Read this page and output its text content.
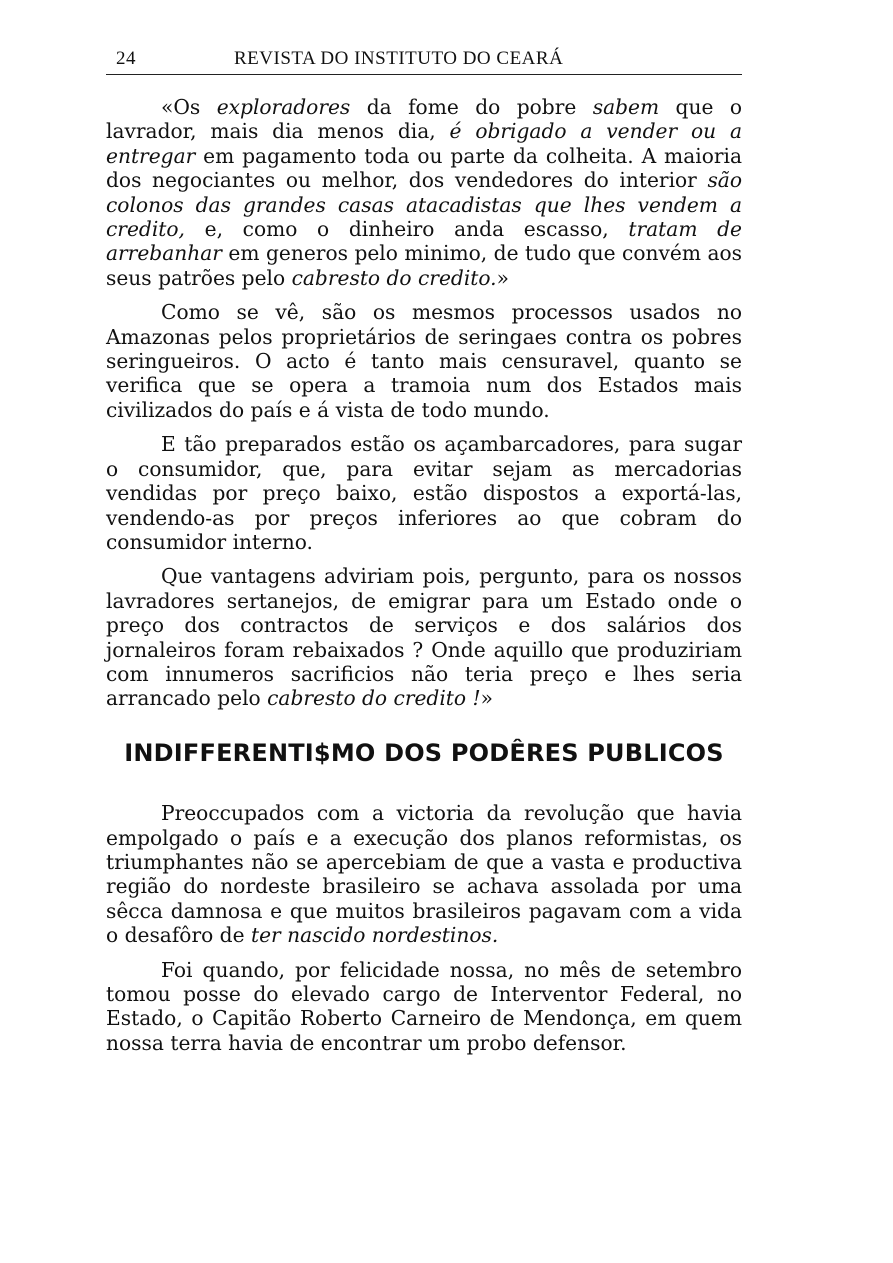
24	REVISTA DO INSTITUTO DO CEARÁ

«Os exploradores da fome do pobre sabem que o lavrador, mais dia menos dia, é obrigado a vender ou a entregar em pagamento toda ou parte da colheita. A maioria dos negociantes ou melhor, dos vendedores do interior são colonos das grandes casas atacadistas que lhes vendem a credito, e, como o dinheiro anda escasso, tratam de arrebanhar em generos pelo minimo, de tudo que convém aos seus patrões pelo cabresto do credito.»

Como se vê, são os mesmos processos usados no Amazonas pelos proprietários de seringaes contra os pobres seringueiros. O acto é tanto mais censuravel, quanto se verifica que se opera a tramoia num dos Estados mais civilizados do país e á vista de todo mundo.

E tão preparados estão os açambarcadores, para sugar o consumidor, que, para evitar sejam as mercadorias vendidas por preço baixo, estão dispostos a exportá-las, vendendo-as por preços inferiores ao que cobram do consumidor interno.

Que vantagens adviriam pois, pergunto, para os nossos lavradores sertanejos, de emigrar para um Estado onde o preço dos contractos de serviços e dos salários dos jornaleiros foram rebaixados ? Onde aquillo que produziriam com innumeros sacrificios não teria preço e lhes seria arrancado pelo cabresto do credito !»

INDIFFERENTI$MO DOS PODÊRES PUBLICOS

Preoccupados com a victoria da revolução que havia empolgado o país e a execução dos planos reformistas, os triumphantes não se apercebiam de que a vasta e productiva região do nordeste brasileiro se achava assolada por uma sêcca damnosa e que muitos brasileiros pagavam com a vida o desafôro de ter nascido nordestinos.

Foi quando, por felicidade nossa, no mês de setembro tomou posse do elevado cargo de Interventor Federal, no Estado, o Capitão Roberto Carneiro de Mendonça, em quem nossa terra havia de encontrar um probo defensor.
